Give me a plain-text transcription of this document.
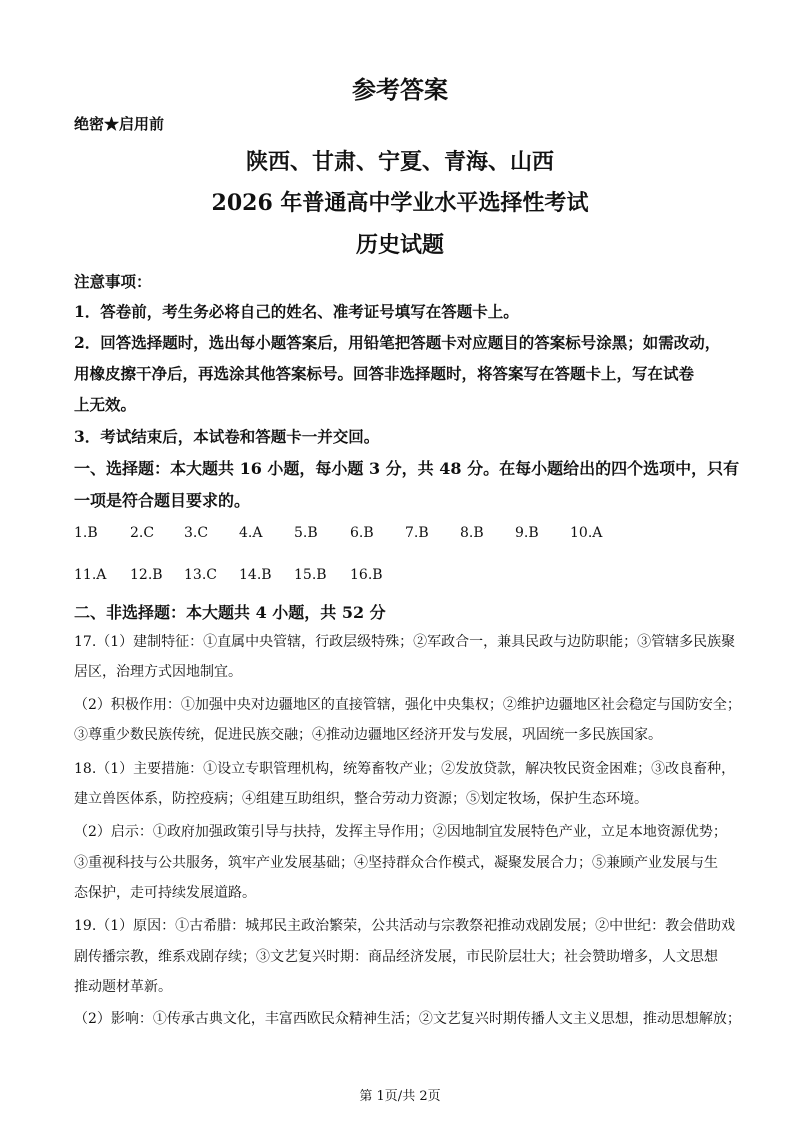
参考答案
绝密★启用前
陕西、甘肃、宁夏、青海、山西
2026 年普通高中学业水平选择性考试
历史试题
注意事项：
1．答卷前，考生务必将自己的姓名、准考证号填写在答题卡上。
2．回答选择题时，选出每小题答案后，用铅笔把答题卡对应题目的答案标号涂黑；如需改动，
用橡皮擦干净后，再选涂其他答案标号。回答非选择题时，将答案写在答题卡上，写在试卷
上无效。
3．考试结束后，本试卷和答题卡一并交回。
一、选择题：本大题共 16 小题，每小题 3 分，共 48 分。在每小题给出的四个选项中，只有
一项是符合题目要求的。
1.B 2.C 3.C 4.A 5.B 6.B 7.B 8.B 9.B 10.A
11.A 12.B 13.C 14.B 15.B 16.B
二、非选择题：本大题共 4 小题，共 52 分
17.（1）建制特征：①直属中央管辖，行政层级特殊；②军政合一，兼具民政与边防职能；③管辖多民族聚
居区，治理方式因地制宜。
（2）积极作用：①加强中央对边疆地区的直接管辖，强化中央集权；②维护边疆地区社会稳定与国防安全；
③尊重少数民族传统，促进民族交融；④推动边疆地区经济开发与发展，巩固统一多民族国家。
18.（1）主要措施：①设立专职管理机构，统筹畜牧产业；②发放贷款，解决牧民资金困难；③改良畜种，
建立兽医体系，防控疫病；④组建互助组织，整合劳动力资源；⑤划定牧场，保护生态环境。
（2）启示：①政府加强政策引导与扶持，发挥主导作用；②因地制宜发展特色产业，立足本地资源优势；
③重视科技与公共服务，筑牢产业发展基础；④坚持群众合作模式，凝聚发展合力；⑤兼顾产业发展与生
态保护，走可持续发展道路。
19.（1）原因：①古希腊：城邦民主政治繁荣，公共活动与宗教祭祀推动戏剧发展；②中世纪：教会借助戏
剧传播宗教，维系戏剧存续；③文艺复兴时期：商品经济发展，市民阶层壮大；社会赞助增多，人文思想
推动题材革新。
（2）影响：①传承古典文化，丰富西欧民众精神生活；②文艺复兴时期传播人文主义思想，推动思想解放；
第 1页/共 2页
